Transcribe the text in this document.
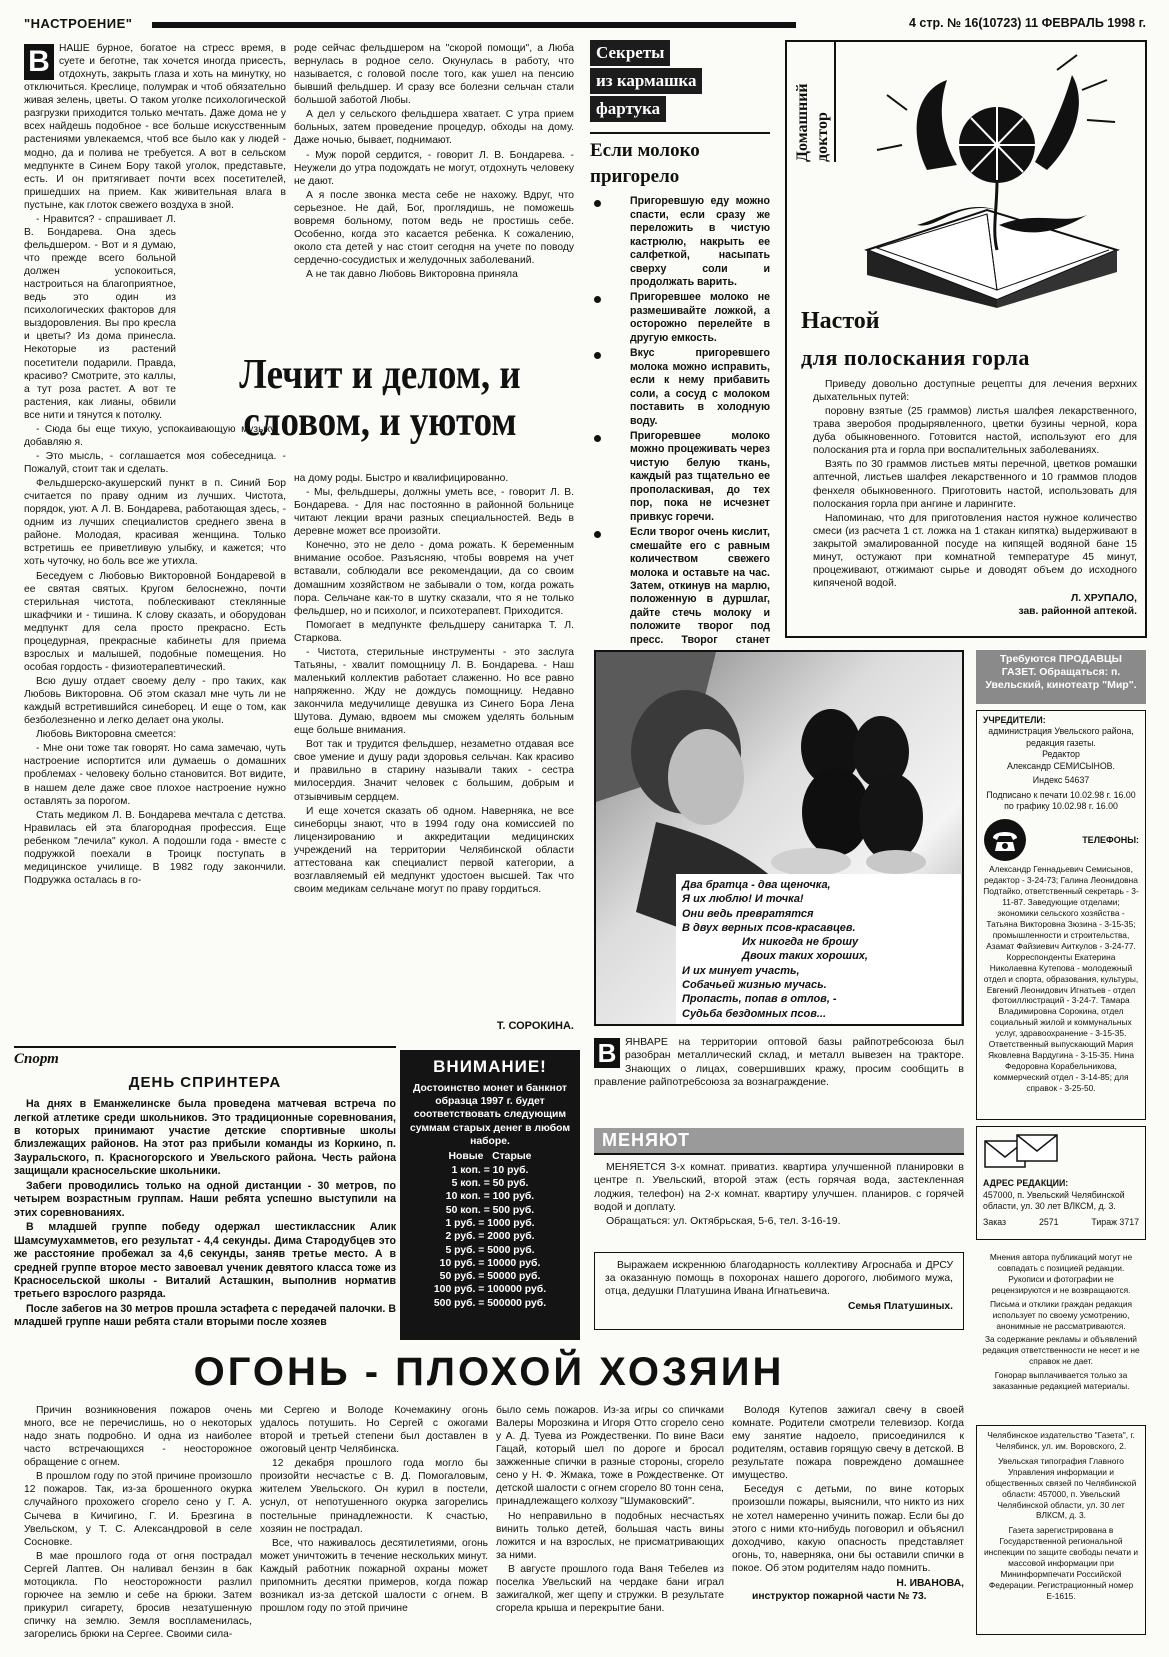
"НАСТРОЕНИЕ"	4 стр. № 16(10723) 11 ФЕВРАЛЬ 1998 г.
В НАШЕ бурное, богатое на стресс время, в суете и беготне, так хочется иногда присесть, отдохнуть, закрыть глаза и хоть на минутку, но отключиться. Креслице, полумрак и чтоб обязательно живая зелень, цветы. О таком уголке психологической разгрузки приходится только мечтать. Даже дома не у всех найдешь подобное - все больше искусственным растениями увлекаемся, чтоб все было как у людей - модно, да и полива не требуется. А вот в сельском медпункте в Синем Бору такой уголок, представьте, есть. И он притягивает почти всех посетителей, пришедших на прием. Как живительная влага в пустыне, как глоток свежего воздуха в зной.

- Нравится? - спрашивает Л. В. Бондарева. Она здесь фельдшером. - Вот и я думаю, что прежде всего больной должен успокоиться, настроиться на благоприятное, ведь это один из психологических факторов для выздоровления. Вы про кресла и цветы? Из дома принесла. Некоторые из растений посетители подарили. Правда, красиво? Смотрите, это каллы, а тут роза растет. А вот те растения, как лианы, обвили все нити и тянутся к потолку.

- Сюда бы еще тихую, успокаивающую музыку, - добавляю я.

- Это мысль, - соглашается моя собеседница. - Пожалуй, стоит так и сделать.

Фельдшерско-акушерский пункт в п. Синий Бор считается по праву одним из лучших. Чистота, порядок, уют. А Л. В. Бондарева, работающая здесь, - одним из лучших специалистов среднего звена в районе. Молодая, красивая женщина. Только встретишь ее приветливую улыбку, и кажется; что хоть чуточку, но боль все же утихла.

Беседуем с Любовью Викторовной Бондаревой в ее святая святых. Кругом белоснежно, почти стерильная чистота, поблескивают стеклянные шкафчики и - тишина. К слову сказать, и оборудован медпункт для села просто прекрасно. Есть процедурная, прекрасные кабинеты для приема взрослых и малышей, подобные помещения. Но особая гордость - физиотерапевтический.

Всю душу отдает своему делу - про таких, как Любовь Викторовна. Об этом сказал мне чуть ли не каждый встретившийся синеборец. И еще о том, как безболезненно и легко делает она уколы.

Любовь Викторовна смеется:

- Мне они тоже так говорят. Но сама замечаю, чуть настроение испортится или думаешь о домашних проблемах - человеку больно становится. Вот видите, в нашем деле даже свое плохое настроение нужно оставлять за порогом.

Стать медиком Л. В. Бондарева мечтала с детства. Нравилась ей эта благородная профессия. Еще ребенком "лечила" кукол. А подошли года - вместе с подружкой поехали в Троицк поступать в медицинское училище. В 1982 году закончили. Подружка осталась в го-

роде сейчас фельдшером на "скорой помощи", а Люба вернулась в родное село. Окунулась в работу, что называется, с головой после того, как ушел на пенсию бывший фельдшер. И сразу все болезни сельчан стали большой заботой Любы.

А дел у сельского фельдшера хватает. С утра прием больных, затем проведение процедур, обходы на дому. Даже ночью, бывает, поднимают.

- Муж порой сердится, - говорит Л. В. Бондарева. - Неужели до утра подождать не могут, отдохнуть человеку не дают.

А я после звонка места себе не нахожу. Вдруг, что серьезное. Не дай, Бог, проглядишь, не поможешь вовремя больному, потом ведь не простишь себе. Особенно, когда это касается ребенка. К сожалению, около ста детей у нас стоит сегодня на учете по поводу сердечно-сосудистых и желудочных заболеваний.

А не так давно Любовь Викторовна приняла

Лечит и делом, и словом, и уютом

на дому роды. Быстро и квалифицированно.

- Мы, фельдшеры, должны уметь все, - говорит Л. В. Бондарева. - Для нас постоянно в районной больнице читают лекции врачи разных специальностей. Ведь в деревне может все произойти.

Конечно, это не дело - дома рожать. К беременным внимание особое. Разъясняю, чтобы вовремя на учет вставали, соблюдали все рекомендации, да со своим домашним хозяйством не забывали о том, когда рожать пора. Сельчане как-то в шутку сказали, что я не только фельдшер, но и психолог, и психотерапевт. Приходится.

Помогает в медпункте фельдшеру санитарка Т. Л. Старкова.

- Чистота, стерильные инструменты - это заслуга Татьяны, - хвалит помощницу Л. В. Бондарева. - Наш маленький коллектив работает слаженно. Но все равно напряженно. Жду не дождусь помощницу. Недавно закончила медучилище девушка из Синего Бора Лена Шутова. Думаю, вдвоем мы сможем уделять больным еще больше внимания.

Вот так и трудится фельдшер, незаметно отдавая все свое умение и душу ради здоровья сельчан. Как красиво и правильно в старину называли таких - сестра милосердия. Значит человек с большим, добрым и отзывчивым сердцем.

И еще хочется сказать об одном. Наверняка, не все синеборцы знают, что в 1994 году она комиссией по лицензированию и аккредитации медицинских учреждений на территории Челябинской области аттестована как специалист первой категории, а возглавляемый ей медпункт удостоен высшей. Так что своим медикам сельчане могут по праву гордиться.

Т. СОРОКИНА.
Секреты
из кармашка
фартука
Если молоко пригорело

Пригоревшую еду можно спасти, если сразу же переложить в чистую кастрюлю, накрыть ее салфеткой, насыпать сверху соли и продолжать варить.

Пригоревшее молоко не размешивайте ложкой, а осторожно перелейте в другую емкость.

Вкус пригоревшего молока можно исправить, если к нему прибавить соли, а сосуд с молоком поставить в холодную воду.

Пригоревшее молоко можно процеживать через чистую белую ткань, каждый раз тщательно ее прополаскивая, до тех пор, пока не исчезнет привкус горечи.

Если творог очень кислит, смешайте его с равным количеством свежего молока и оставьте на час. Затем, откинув на марлю, положенную в дуршлаг, дайте стечь молоку и положите творог под пресс. Творог станет

Домашний доктор
Настой
для полоскания горла

Приведу довольно доступные рецепты для лечения верхних дыхательных путей:

поровну взятые (25 граммов) листья шалфея лекарственного, трава зверобоя продырявленного, цветки бузины черной, кора дуба обыкновенного. Готовится настой, используют его для полоскания рта и горла при воспалительных заболеваниях.

Взять по 30 граммов листьев мяты перечной, цветков ромашки аптечной, листьев шалфея лекарственного и 10 граммов плодов фенхеля обыкновенного. Приготовить настой, использовать для полоскания горла при ангине и ларингите.

Напоминаю, что для приготовления настоя нужное количество смеси (из расчета 1 ст. ложка на 1 стакан кипятка) выдерживают в закрытой эмалированной посуде на кипящей водяной бане 15 минут, остужают при комнатной температуре 45 минут, процеживают, отжимают сырье и доводят объем до исходного кипяченой водой.

Л. ХРУПАЛО,
зав. районной аптекой.
Два братца - два щеночка,
Я их люблю! И точка!
Они ведь превратятся
В двух верных псов-красавцев.
Их никогда не брошу
Двоих таких хороших,
И их минует участь,
Собачьей жизнью мучась.
Пропасть, попав в отлов, -
Судьба бездомных псов...
Требуются ПРОДАВЦЫ ГАЗЕТ. Обращаться: п. Увельский, кинотеатр "Мир".
УЧРЕДИТЕЛИ:
администрация Увельского района, редакция газеты.
Редактор
Александр СЕМИСЫНОВ.
Индекс 54637
Подписано к печати 10.02.98 г. 16.00
по графику 10.02.98 г. 16.00
ТЕЛЕФОНЫ:
Александр Геннадьевич Семисынов, редактор - 3-24-73; Галина Леонидовна Подтайко, ответственный секретарь - 3-11-87. Заведующие отделами; экономики сельского хозяйства - Татьяна Викторовна Зюзина - 3-15-35; промышленности и строительства, Азамат Файзиевич Аиткулов - 3-24-77. Корреспонденты Екатерина Николаевна Кутепова - молодежный отдел и спорта, образования, культуры, Евгений Леонидович Игнатьев - отдел фотоиллюстраций - 3-24-7. Тамара Владимировна Сорокина, отдел социальный жилой и коммунальных услуг, здравоохранение - 3-15-35. Ответственный выпускающий Мария Яковлевна Вардугина - 3-15-35. Нина Федоровна Корабельникова, коммерческий отдел - 3-14-85; для справок - 3-25-50.
АДРЕС РЕДАКЦИИ:
457000, п. Увельский Челябинской области, ул. 30 лет ВЛКСМ, д. 3.
Заказ	2571	Тираж 3717
Мнения автора публикаций могут не совпадать с позицией редакции. Рукописи и фотографии не рецензируются и не возвращаются.
Письма и отклики граждан редакция использует по своему усмотрению, анонимные не рассматриваются.
За содержание рекламы и объявлений редакция ответственности не несет и не справок не дает.
Гонорар выплачивается только за заказанные редакцией материалы.
Челябинское издательство "Газета", г. Челябинск, ул. им. Воровского, 2.
Увельская типография Главного Управления информации и общественных связей по Челябинской области: 457000, п. Увельский Челябинской области, ул. 30 лет ВЛКСМ, д. 3.
Газета зарегистрирована в Государственной региональной инспекции по защите свободы печати и массовой информации при Мининформпечати Российской Федерации. Регистрационный номер Е-1615.
В ЯНВАРЕ на территории оптовой базы райпотребсоюза был разобран металлический склад, и металл вывезен на тракторе. Знающих о лицах, совершивших кражу, просим сообщить в правление райпотребсоюза за вознаграждение.

МЕНЯЮТ

МЕНЯЕТСЯ 3-х комнат. приватиз. квартира улучшенной планировки в центре п. Увельский, второй этаж (есть горячая вода, застекленная лоджия, телефон) на 2-х комнат. квартиру улучшен. планиров. с горячей водой и доплату.

Обращаться: ул. Октябрьская, 5-6, тел. 3-16-19.

Выражаем искреннюю благодарность коллективу Агроснаба и ДРСУ за оказанную помощь в похоронах нашего дорогого, любимого мужа, отца, дедушки Платушина Ивана Игнатьевича.
Семья Платушиных.
Спорт
ДЕНЬ СПРИНТЕРА

На днях в Еманжелинске была проведена матчевая встреча по легкой атлетике среди школьников. Это традиционные соревнования, в которых принимают участие детские спортивные школы близлежащих районов. На этот раз прибыли команды из Коркино, п. Зауральского, п. Красногорского и Увельского района. Честь района защищали красносельские школьники.

Забеги проводились только на одной дистанции - 30 метров, по четырем возрастным группам. Наши ребята успешно выступили на этих соревнованиях.

В младшей группе победу одержал шестиклассник Алик Шамсумухамметов, его результат - 4,4 секунды. Дима Стародубцев это же расстояние пробежал за 4,6 секунды, заняв третье место. А в средней группе второе место завоевал ученик девятого класса тоже из Красносельской школы - Виталий Асташкин, выполнив норматив третьего взрослого разряда.

После забегов на 30 метров прошла эстафета с передачей палочки. В младшей группе наши ребята стали вторыми после хозяев

ВНИМАНИЕ!
Достоинство монет и банкнот образца 1997 г. будет соответствовать следующим суммам старых денег в любом наборе.
Новые   Старые
1 коп. = 10 руб.
5 коп. = 50 руб.
10 коп. = 100 руб.
50 коп. = 500 руб.
1 руб. = 1000 руб.
2 руб. = 2000 руб.
5 руб. = 5000 руб.
10 руб. = 10000 руб.
50 руб. = 50000 руб.
100 руб. = 100000 руб.
500 руб. = 500000 руб.
ОГОНЬ - ПЛОХОЙ ХОЗЯИН

Причин возникновения пожаров очень много, все не перечислишь, но о некоторых надо знать подробно. И одна из наиболее часто встречающихся - неосторожное обращение с огнем.

В прошлом году по этой причине произошло 12 пожаров. Так, из-за брошенного окурка случайного прохожего сгорело сено у Г. А. Сычева в Кичигино, Г. И. Брезгина в Увельском, у Т. С. Александровой в селе Сосновке.

В мае прошлого года от огня пострадал Сергей Лаптев. Он наливал бензин в бак мотоцикла. По неосторожности разлил горючее на землю и себе на брюки. Затем прикурил сигарету, бросив незатушенную спичку на землю. Земля воспламенилась, загорелись брюки на Сергее. Своими сила-

ми Сергею и Володе Кочемакину огонь удалось потушить. Но Сергей с ожогами второй и третьей степени был доставлен в ожоговый центр Челябинска.

12 декабря прошлого года могло бы произойти несчастье с В. Д. Помогаловым, жителем Увельского. Он курил в постели, уснул, от непотушенного окурка загорелись постельные принадлежности. К счастью, хозяин не пострадал.

Все, что наживалось десятилетиями, огонь может уничтожить в течение нескольких минут. Каждый работник пожарной охраны может припомнить десятки примеров, когда пожар возникал из-за детской шалости с огнем. В прошлом году по этой причине

было семь пожаров. Из-за игры со спичками Валеры Морозкина и Игоря Отто сгорело сено у А. Д. Туева из Рождественки. По вине Васи Гацай, который шел по дороге и бросал зажженные спички в разные стороны, сгорело сено у Н. Ф. Жмака, тоже в Рождественке. От детской шалости с огнем сгорело 80 тонн сена, принадлежащего колхозу "Шумаковский".

Но неправильно в подобных несчастьях винить только детей, большая часть вины ложится и на взрослых, не присматривающих за ними.

В августе прошлого года Ваня Тебелев из поселка Увельский на чердаке бани играл зажигалкой, жег щепу и стружки. В результате сгорела крыша и перекрытие бани.

Володя Кутепов зажигал свечу в своей комнате. Родители смотрели телевизор. Когда ему занятие надоело, присоединился к родителям, оставив горящую свечу в детской. В результате пожара повреждено домашнее имущество.

Беседуя с детьми, по вине которых произошли пожары, выяснили, что никто из них не хотел намеренно учинить пожар. Если бы до этого с ними кто-нибудь поговорил и объяснил доходчиво, какую опасность представляет огонь, то, наверняка, они бы оставили спички в покое. Об этом родителям надо помнить.

Н. ИВАНОВА,
инструктор пожарной части № 73.
